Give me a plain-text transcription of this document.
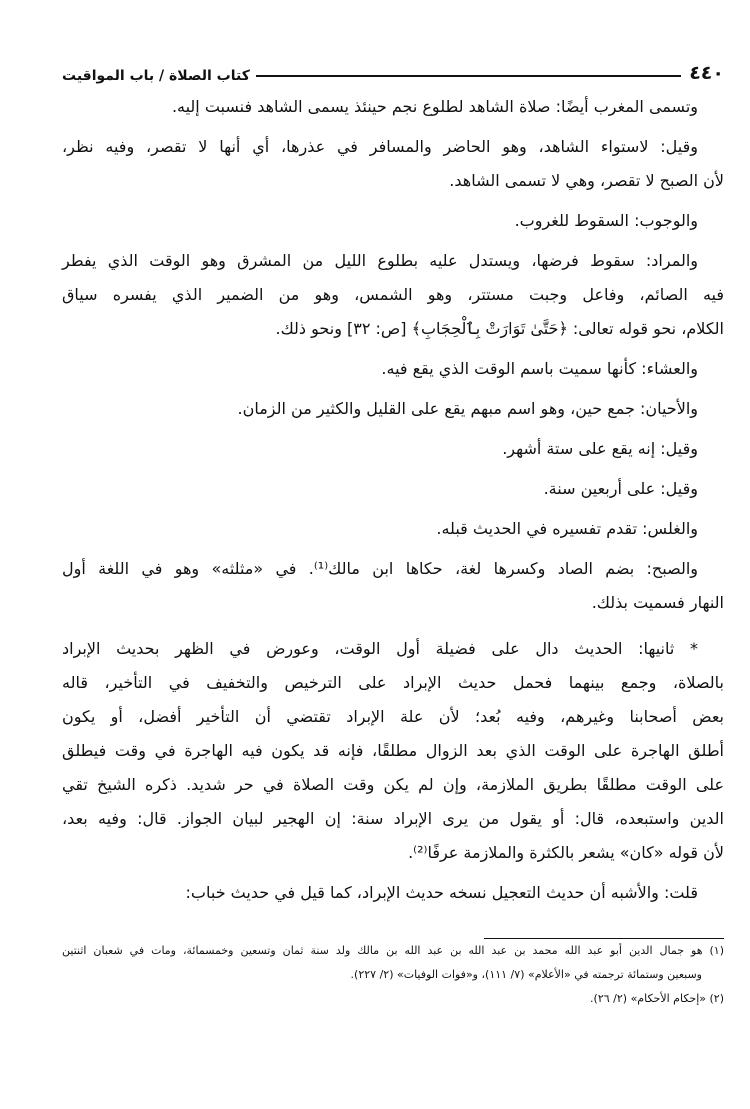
٤٤٠
كتاب الصلاة / باب المواقيت
وتسمى المغرب أيضًا: صلاة الشاهد لطلوع نجم حينئذ يسمى الشاهد فنسبت إليه.
وقيل: لاستواء الشاهد، وهو الحاضر والمسافر في عذرها، أي أنها لا تقصر، وفيه نظر،
لأن الصبح لا تقصر، وهي لا تسمى الشاهد.
والوجوب: السقوط للغروب.
والمراد: سقوط فرضها، ويستدل عليه بطلوع الليل من المشرق وهو الوقت الذي يفطر
فيه الصائم، وفاعل وجبت مستتر، وهو الشمس، وهو من الضمير الذي يفسره سياق
الكلام، نحو قوله تعالى: ﴿حَتَّىٰ تَوَارَتْ بِٱلْحِجَابِ﴾ [ص: ٣٢] ونحو ذلك.
والعشاء: كأنها سميت باسم الوقت الذي يقع فيه.
والأحيان: جمع حين، وهو اسم مبهم يقع على القليل والكثير من الزمان.
وقيل: إنه يقع على ستة أشهر.
وقيل: على أربعين سنة.
والغلس: تقدم تفسيره في الحديث قبله.
والصبح: بضم الصاد وكسرها لغة، حكاها ابن مالك⁽¹⁾. في «مثلثه» وهو في اللغة أول
النهار فسميت بذلك.
* ثانيها: الحديث دال على فضيلة أول الوقت، وعورض في الظهر بحديث الإبراد
بالصلاة، وجمع بينهما فحمل حديث الإبراد على الترخيص والتخفيف في التأخير، قاله
بعض أصحابنا وغيرهم، وفيه بُعد؛ لأن علة الإبراد تقتضي أن التأخير أفضل، أو يكون
أطلق الهاجرة على الوقت الذي بعد الزوال مطلقًا، فإنه قد يكون فيه الهاجرة في وقت فيطلق
على الوقت مطلقًا بطريق الملازمة، وإن لم يكن وقت الصلاة في حر شديد. ذكره الشيخ تقي
الدين واستبعده، قال: أو يقول من يرى الإبراد سنة: إن الهجير لبيان الجواز. قال: وفيه بعد،
لأن قوله «كان» يشعر بالكثرة والملازمة عرفًا⁽²⁾.
قلت: والأشبه أن حديث التعجيل نسخه حديث الإبراد، كما قيل في حديث خباب:
(١) هو جمال الدين أبو عبد الله محمد بن عبد الله بن عبد الله بن مالك ولد سنة ثمان وتسعين وخمسمائة، ومات في شعبان اثنتين
وسبعين وستمائة ترجمته في «الأعلام» (٧/ ١١١)، و«فوات الوفيات» (٢/ ٢٢٧).
(٢) «إحكام الأحكام» (٢/ ٢٦).
